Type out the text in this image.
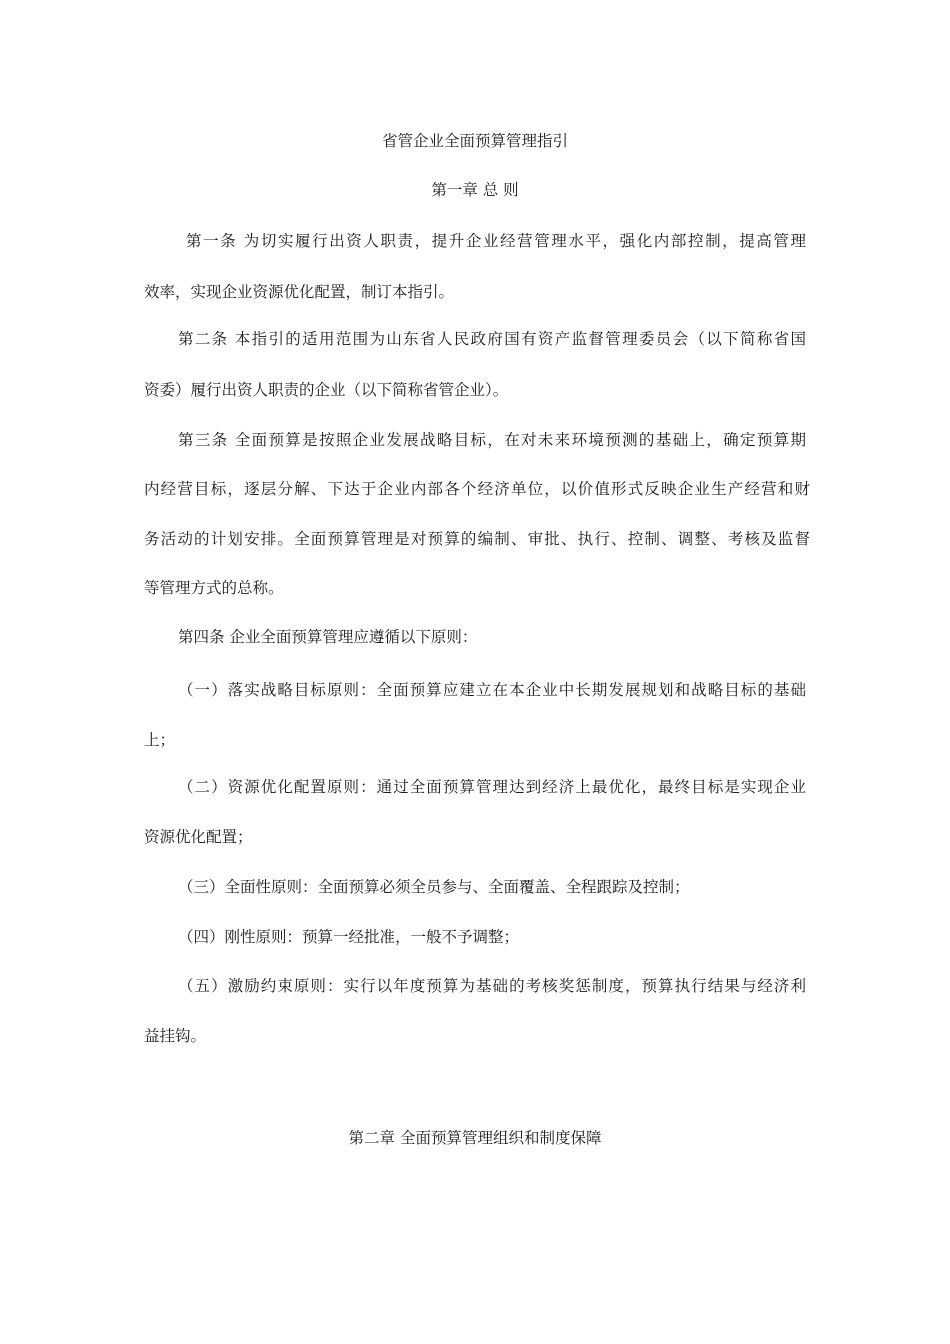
省管企业全面预算管理指引
第一章 总 则
第一条 为切实履行出资人职责，提升企业经营管理水平，强化内部控制，提高管理
效率，实现企业资源优化配置，制订本指引。
第二条 本指引的适用范围为山东省人民政府国有资产监督管理委员会（以下简称省国
资委）履行出资人职责的企业（以下简称省管企业）。
第三条 全面预算是按照企业发展战略目标，在对未来环境预测的基础上，确定预算期
内经营目标，逐层分解、下达于企业内部各个经济单位，以价值形式反映企业生产经营和财
务活动的计划安排。全面预算管理是对预算的编制、审批、执行、控制、调整、考核及监督
等管理方式的总称。
第四条 企业全面预算管理应遵循以下原则：
（一）落实战略目标原则：全面预算应建立在本企业中长期发展规划和战略目标的基础
上；
（二）资源优化配置原则：通过全面预算管理达到经济上最优化，最终目标是实现企业
资源优化配置；
（三）全面性原则：全面预算必须全员参与、全面覆盖、全程跟踪及控制；
（四）刚性原则：预算一经批准，一般不予调整；
（五）激励约束原则：实行以年度预算为基础的考核奖惩制度，预算执行结果与经济利
益挂钩。
第二章 全面预算管理组织和制度保障
